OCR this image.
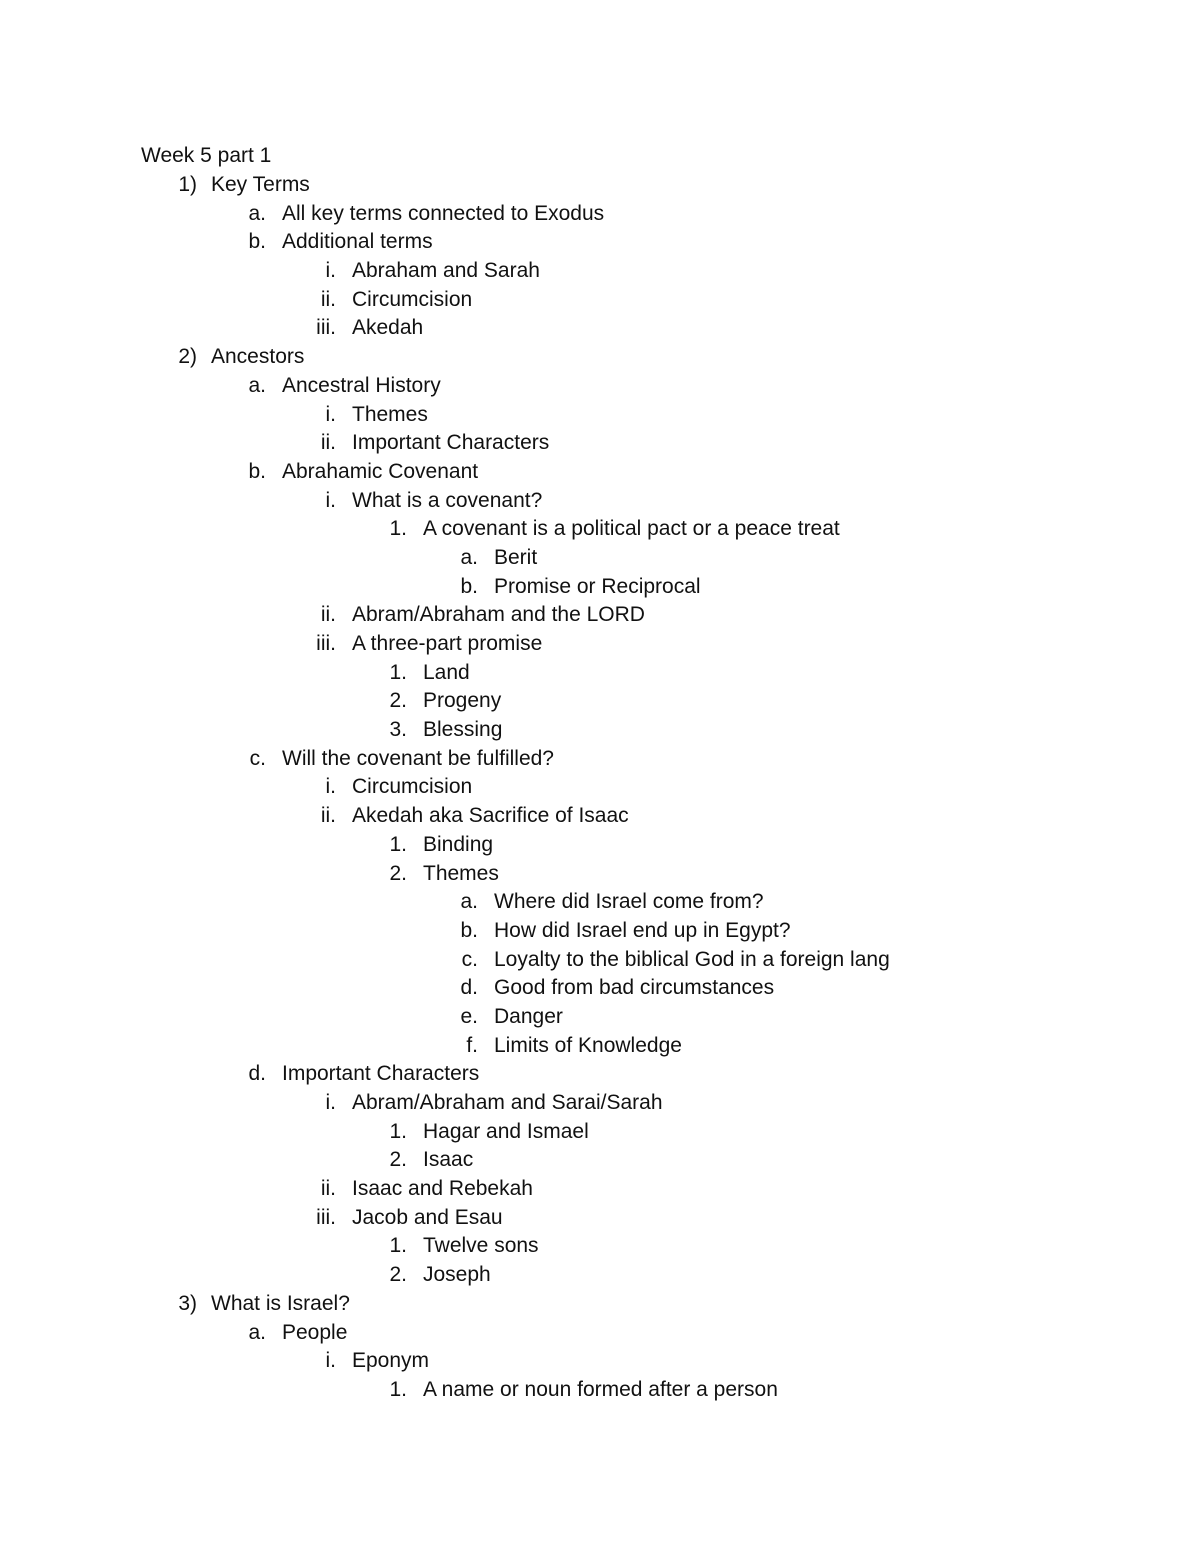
Week 5 part 1
1) Key Terms
a. All key terms connected to Exodus
b. Additional terms
i. Abraham and Sarah
ii. Circumcision
iii. Akedah
2) Ancestors
a. Ancestral History
i. Themes
ii. Important Characters
b. Abrahamic Covenant
i. What is a covenant?
1. A covenant is a political pact or a peace treat
a. Berit
b. Promise or Reciprocal
ii. Abram/Abraham and the LORD
iii. A three-part promise
1. Land
2. Progeny
3. Blessing
c. Will the covenant be fulfilled?
i. Circumcision
ii. Akedah aka Sacrifice of Isaac
1. Binding
2. Themes
a. Where did Israel come from?
b. How did Israel end up in Egypt?
c. Loyalty to the biblical God in a foreign lang
d. Good from bad circumstances
e. Danger
f. Limits of Knowledge
d. Important Characters
i. Abram/Abraham and Sarai/Sarah
1. Hagar and Ismael
2. Isaac
ii. Isaac and Rebekah
iii. Jacob and Esau
1. Twelve sons
2. Joseph
3) What is Israel?
a. People
i. Eponym
1. A name or noun formed after a person
